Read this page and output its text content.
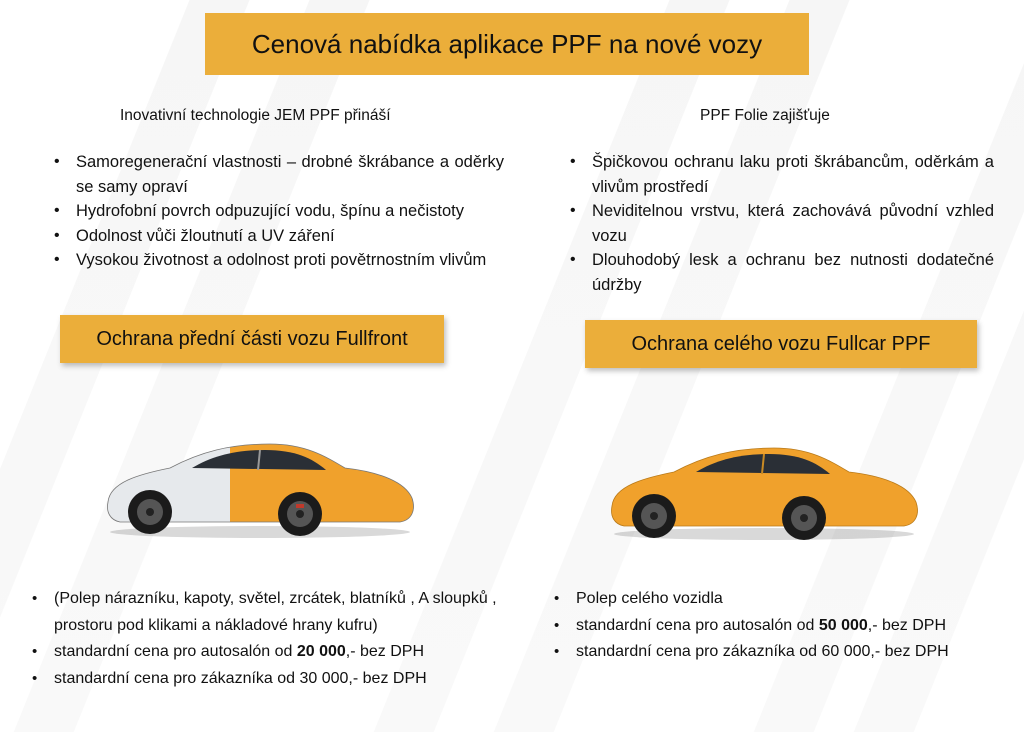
Cenová nabídka aplikace PPF na nové vozy
Inovativní technologie JEM PPF přináší
• Samoregenerační vlastnosti – drobné škrábance a oděrky se samy opraví
• Hydrofobní povrch odpuzující vodu, špínu a nečistoty
• Odolnost vůči žloutnutí a UV záření
• Vysokou životnost a odolnost proti povětrnostním vlivům
Ochrana přední části vozu Fullfront
• (Polep nárazníku, kapoty, světel, zrcátek, blatníků , A sloupků , prostoru pod klikami a nákladové hrany kufru)
• standardní cena pro autosalón od 20 000,- bez DPH
• standardní cena pro zákazníka od 30 000,- bez DPH
PPF Folie zajišťuje
• Špičkovou ochranu laku proti škrábancům, oděrkám a vlivům prostředí
• Neviditelnou vrstvu, která zachovává původní vzhled vozu
• Dlouhodobý lesk a ochranu bez nutnosti dodatečné údržby
Ochrana celého vozu Fullcar PPF
• Polep celého vozidla
• standardní cena pro autosalón od 50 000,- bez DPH
• standardní cena pro zákazníka od 60 000,- bez DPH
